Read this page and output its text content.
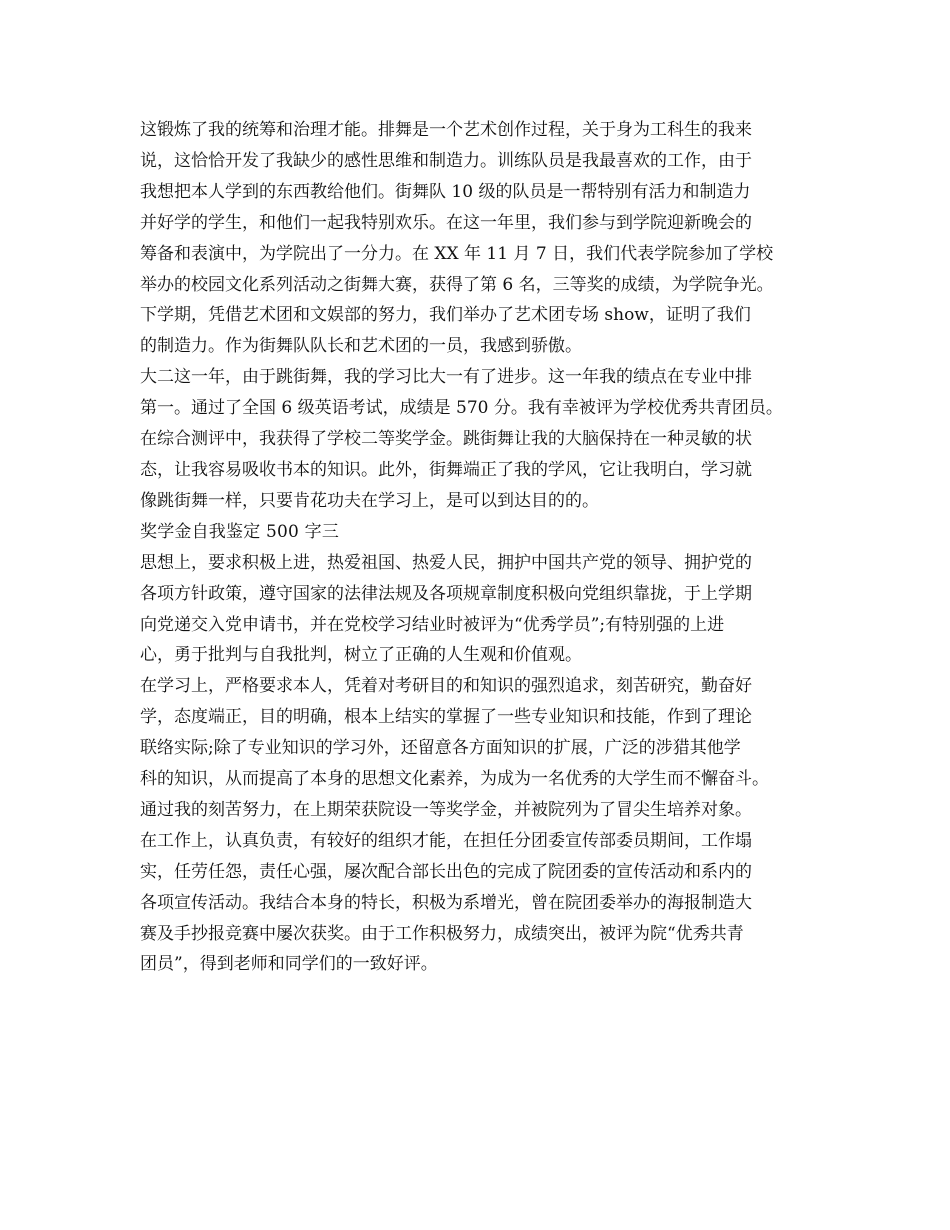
这锻炼了我的统筹和治理才能。排舞是一个艺术创作过程，关于身为工科生的我来
说，这恰恰开发了我缺少的感性思维和制造力。训练队员是我最喜欢的工作，由于
我想把本人学到的东西教给他们。街舞队 10 级的队员是一帮特别有活力和制造力
并好学的学生，和他们一起我特别欢乐。在这一年里，我们参与到学院迎新晚会的
筹备和表演中，为学院出了一分力。在 XX 年 11 月 7 日，我们代表学院参加了学校
举办的校园文化系列活动之街舞大赛，获得了第 6 名，三等奖的成绩，为学院争光。
下学期，凭借艺术团和文娱部的努力，我们举办了艺术团专场 show，证明了我们
的制造力。作为街舞队队长和艺术团的一员，我感到骄傲。
大二这一年，由于跳街舞，我的学习比大一有了进步。这一年我的绩点在专业中排
第一。通过了全国 6 级英语考试，成绩是 570 分。我有幸被评为学校优秀共青团员。
在综合测评中，我获得了学校二等奖学金。跳街舞让我的大脑保持在一种灵敏的状
态，让我容易吸收书本的知识。此外，街舞端正了我的学风，它让我明白，学习就
像跳街舞一样，只要肯花功夫在学习上，是可以到达目的的。
奖学金自我鉴定 500 字三
思想上，要求积极上进，热爱祖国、热爱人民，拥护中国共产党的领导、拥护党的
各项方针政策，遵守国家的法律法规及各项规章制度积极向党组织靠拢，于上学期
向党递交入党申请书，并在党校学习结业时被评为“优秀学员”;有特别强的上进
心，勇于批判与自我批判，树立了正确的人生观和价值观。
在学习上，严格要求本人，凭着对考研目的和知识的强烈追求，刻苦研究，勤奋好
学，态度端正，目的明确，根本上结实的掌握了一些专业知识和技能，作到了理论
联络实际;除了专业知识的学习外，还留意各方面知识的扩展，广泛的涉猎其他学
科的知识，从而提高了本身的思想文化素养，为成为一名优秀的大学生而不懈奋斗。
通过我的刻苦努力，在上期荣获院设一等奖学金，并被院列为了冒尖生培养对象。
在工作上，认真负责，有较好的组织才能，在担任分团委宣传部委员期间，工作塌
实，任劳任怨，责任心强，屡次配合部长出色的完成了院团委的宣传活动和系内的
各项宣传活动。我结合本身的特长，积极为系增光，曾在院团委举办的海报制造大
赛及手抄报竞赛中屡次获奖。由于工作积极努力，成绩突出，被评为院“优秀共青
团员”，得到老师和同学们的一致好评。
